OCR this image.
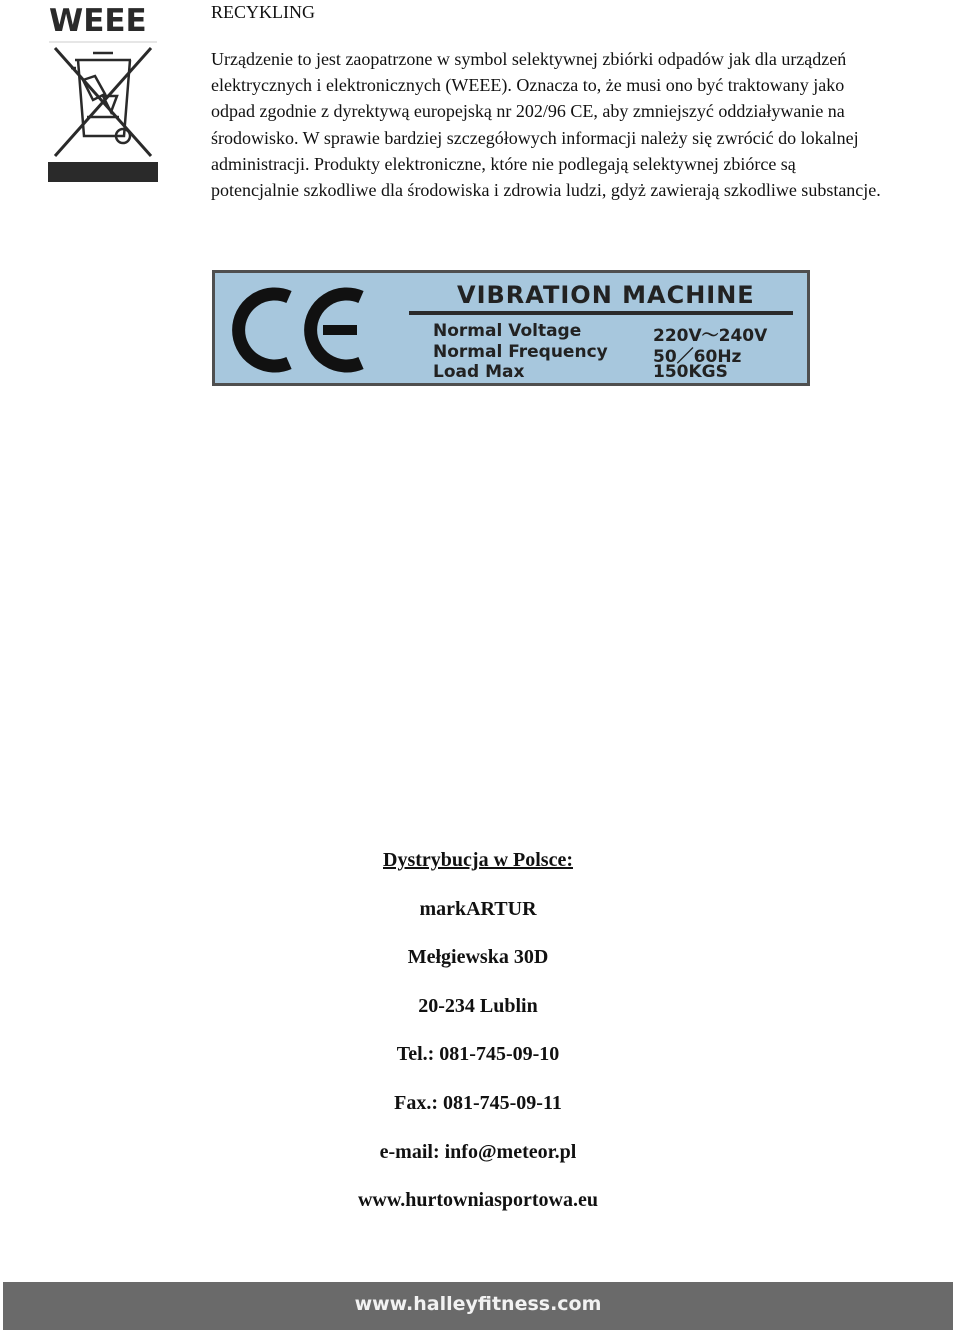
WEEE	RECYKLING

Urządzenie to jest zaopatrzone w symbol selektywnej zbiórki odpadów jak dla urządzeń
elektrycznych i elektronicznych (WEEE). Oznacza to, że musi ono być traktowany jako
odpad zgodnie z dyrektywą europejską nr 202/96 CE, aby zmniejszyć oddziaływanie na
środowisko. W sprawie bardziej szczegółowych informacji należy się zwrócić do lokalnej
administracji. Produkty elektroniczne, które nie podlegają selektywnej zbiórce są
potencjalnie szkodliwe dla środowiska i zdrowia ludzi, gdyż zawierają szkodliwe substancje.

VIBRATION MACHINE
Normal Voltage	220V～240V
Normal Frequency	50／60Hz
Load Max	150KGS
Dystrybucja w Polsce:
markARTUR
Mełgiewska 30D
20-234 Lublin
Tel.: 081-745-09-10
Fax.: 081-745-09-11
e-mail: info@meteor.pl
www.hurtowniasportowa.eu
www.halleyfitness.com
